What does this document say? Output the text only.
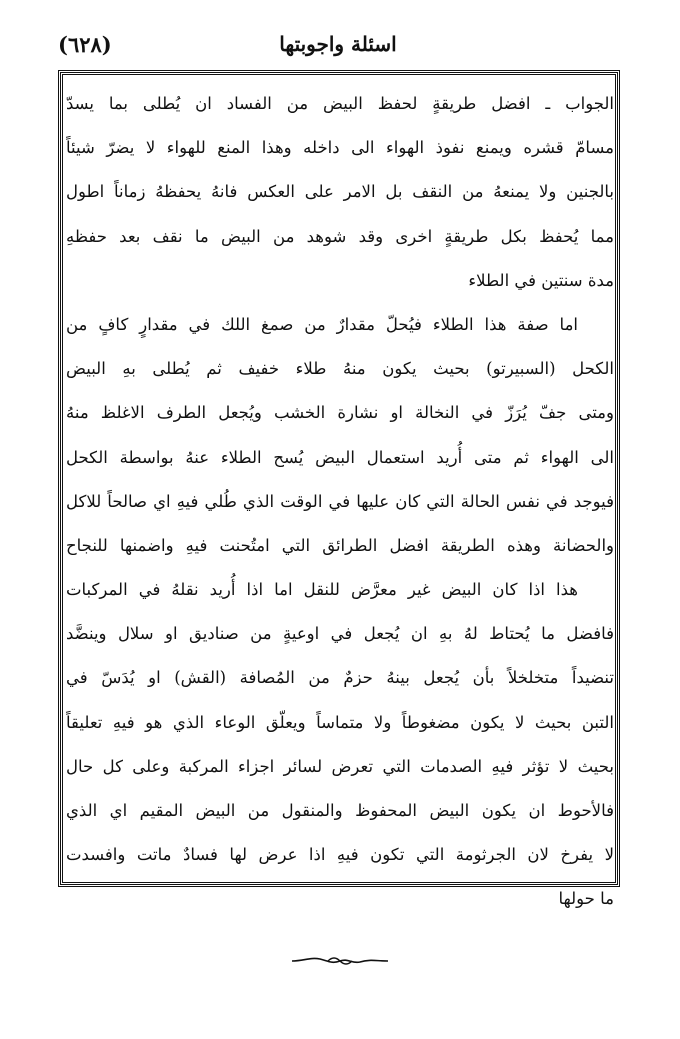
(٦٢٨)	اسئلة واجوبتها
الجواب ـ افضل طريقةٍ لحفظ البيض من الفساد ان يُطلى بما يسدّ
مسامّ قشره ويمنع نفوذ الهواء الى داخله وهذا المنع للهواء لا يضرّ شيئاً
بالجنين ولا يمنعهُ من النقف بل الامر على العكس فانهُ يحفظهُ زماناً اطول
مما يُحفظ بكل طريقةٍ اخرى وقد شوهد من البيض ما نقف بعد حفظهِ
مدة سنتين في الطلاء
اما صفة هذا الطلاء فيُحلّ مقدارٌ من صمغ اللك في مقدارٍ كافٍ من
الكحل (السبيرتو) بحيث يكون منهُ طلاء خفيف ثم يُطلى بهِ البيض
ومتى جفّ يُرَزّ في النخالة او نشارة الخشب ويُجعل الطرف الاغلظ منهُ
الى الهواء ثم متى أُريد استعمال البيض يُسح الطلاء عنهُ بواسطة الكحل
فيوجد في نفس الحالة التي كان عليها في الوقت الذي طُلي فيهِ اي صالحاً للاكل
والحضانة وهذه الطريقة افضل الطرائق التي امتُحنت فيهِ واضمنها للنجاح
هذا اذا كان البيض غير معرَّض للنقل اما اذا أُريد نقلهُ في المركبات
فافضل ما يُحتاط لهُ بهِ ان يُجعل في اوعيةٍ من صناديق او سلال وينضَّد
تنضيداً متخلخلاً بأن يُجعل بينهُ حزمٌ من المُصافة (القش) او يُدَسّ في
التبن بحيث لا يكون مضغوطاً ولا متماساً ويعلّق الوعاء الذي هو فيهِ تعليقاً
بحيث لا تؤثر فيهِ الصدمات التي تعرض لسائر اجزاء المركبة وعلى كل حال
فالأحوط ان يكون البيض المحفوظ والمنقول من البيض المقيم اي الذي
لا يفرخ لان الجرثومة التي تكون فيهِ اذا عرض لها فسادٌ ماتت وافسدت
ما حولها
